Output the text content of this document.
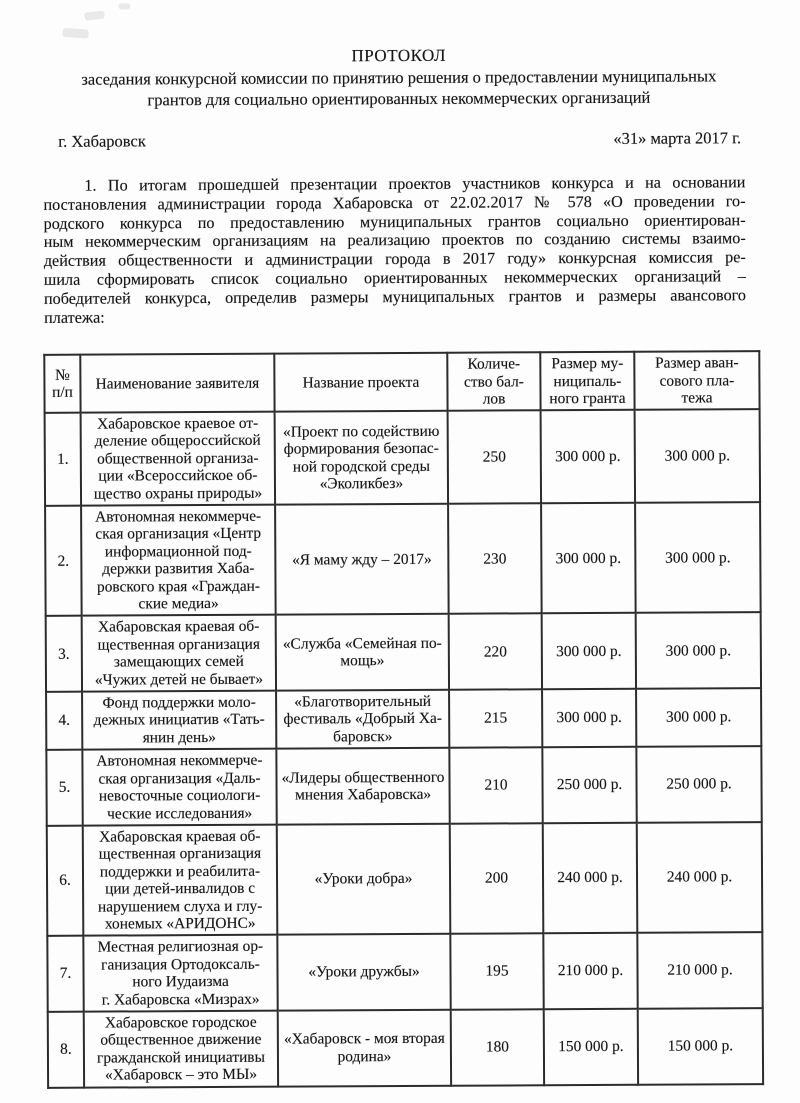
ПРОТОКОЛ
заседания конкурсной комиссии по принятию решения о предоставлении муниципальных
грантов для социально ориентированных некоммерческих организаций
г. Хабаровск	«31» марта 2017 г.
1. По итогам прошедшей презентации проектов участников конкурса и на основании
постановления администрации города Хабаровска от 22.02.2017 № 578 «О проведении го-
родского конкурса по предоставлению муниципальных грантов социально ориентирован-
ным некоммерческим организациям на реализацию проектов по созданию системы взаимо-
действия общественности и администрации города в 2017 году» конкурсная комиссия ре-
шила сформировать список социально ориентированных некоммерческих организаций –
победителей конкурса, определив размеры муниципальных грантов и размеры авансового
платежа:
№
п/п	Наименование заявителя	Название проекта	Количе-
ство бал-
лов	Размер му-
ниципаль-
ного гранта	Размер аван-
сового пла-
тежа
1.	Хабаровское краевое от-
деление общероссийской
общественной организа-
ции «Всероссийское об-
щество охраны природы»	«Проект по содействию
формирования безопас-
ной городской среды
«Эколикбез»	250	300 000 р.	300 000 р.
2.	Автономная некоммерче-
ская организация «Центр
информационной под-
держки развития Хаба-
ровского края «Граждан-
ские медиа»	«Я маму жду – 2017»	230	300 000 р.	300 000 р.
3.	Хабаровская краевая об-
щественная организация
замещающих семей
«Чужих детей не бывает»	«Служба «Семейная по-
мощь»	220	300 000 р.	300 000 р.
4.	Фонд поддержки моло-
дежных инициатив «Тать-
янин день»	«Благотворительный
фестиваль «Добрый Ха-
баровск»	215	300 000 р.	300 000 р.
5.	Автономная некоммерче-
ская организация «Даль-
невосточные социологи-
ческие исследования»	«Лидеры общественного
мнения Хабаровска»	210	250 000 р.	250 000 р.
6.	Хабаровская краевая об-
щественная организация
поддержки и реабилита-
ции детей-инвалидов с
нарушением слуха и глу-
хонемых «АРИДОНС»	«Уроки добра»	200	240 000 р.	240 000 р.
7.	Местная религиозная ор-
ганизация Ортодоксаль-
ного Иудаизма
г. Хабаровска «Мизрах»	«Уроки дружбы»	195	210 000 р.	210 000 р.
8.	Хабаровское городское
общественное движение
гражданской инициативы
«Хабаровск – это МЫ»	«Хабаровск - моя вторая
родина»	180	150 000 р.	150 000 р.
